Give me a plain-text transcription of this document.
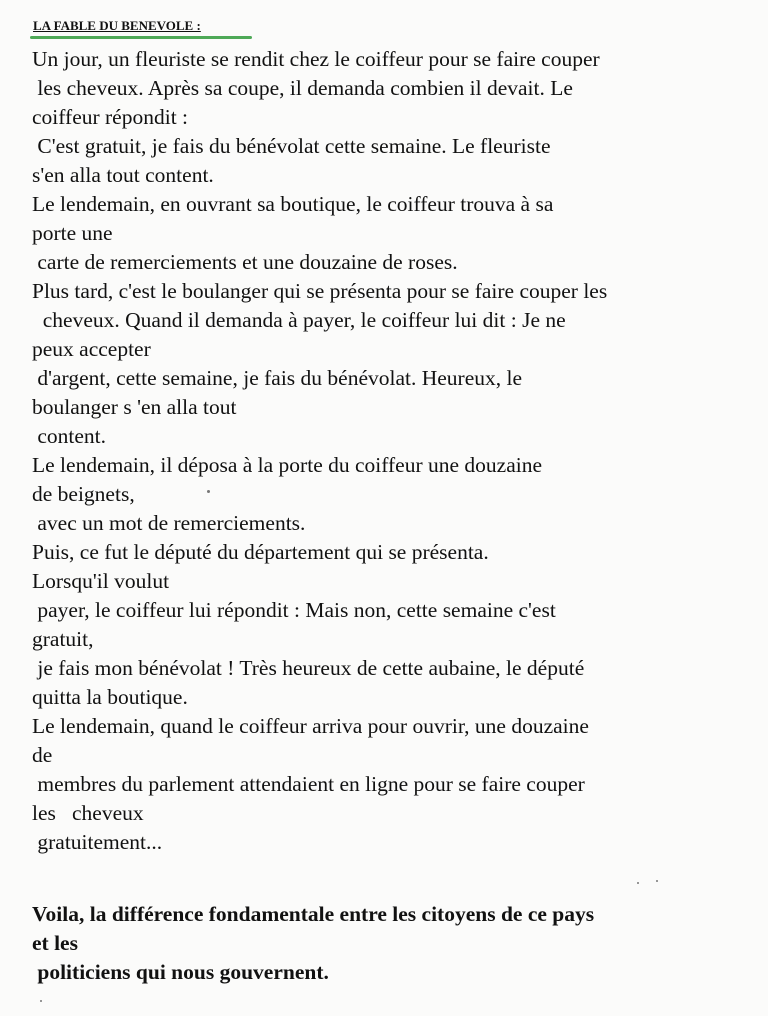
LA FABLE DU BENEVOLE :
Un jour, un fleuriste se rendit chez le coiffeur pour se faire couper
les cheveux. Après sa coupe, il demanda combien il devait. Le
coiffeur répondit :
C'est gratuit, je fais du bénévolat cette semaine. Le fleuriste
s'en alla tout content.
Le lendemain, en ouvrant sa boutique, le coiffeur trouva à sa
porte une
carte de remerciements et une douzaine de roses.
Plus tard, c'est le boulanger qui se présenta pour se faire couper les
cheveux. Quand il demanda à payer, le coiffeur lui dit : Je ne
peux accepter
d'argent, cette semaine, je fais du bénévolat. Heureux, le
boulanger s 'en alla tout
content.
Le lendemain, il déposa à la porte du coiffeur une douzaine
de beignets,
avec un mot de remerciements.
Puis, ce fut le député du département qui se présenta.
Lorsqu'il voulut
payer, le coiffeur lui répondit : Mais non, cette semaine c'est
gratuit,
je fais mon bénévolat ! Très heureux de cette aubaine, le député
quitta la boutique.
Le lendemain, quand le coiffeur arriva pour ouvrir, une douzaine
de
membres du parlement attendaient en ligne pour se faire couper
les   cheveux
gratuitement...
Voila, la différence fondamentale entre les citoyens de ce pays
et les
politiciens qui nous gouvernent.
